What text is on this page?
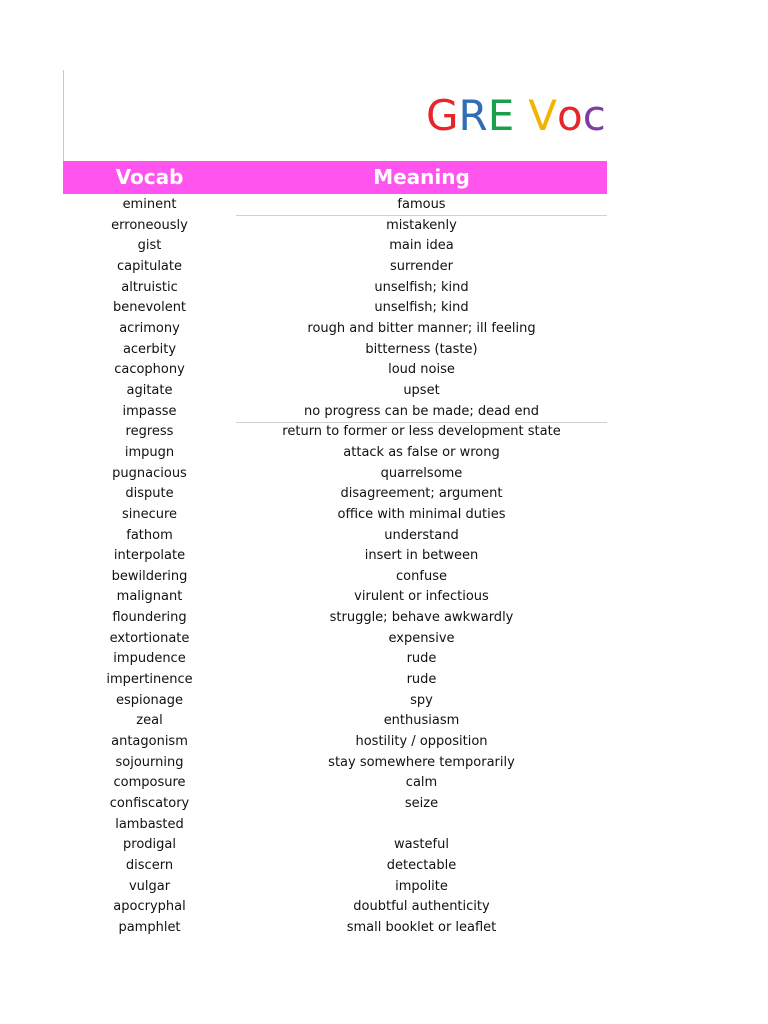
GRE Voc
Vocab	Meaning
eminent	famous
erroneously	mistakenly
gist	main idea
capitulate	surrender
altruistic	unselfish; kind
benevolent	unselfish; kind
acrimony	rough and bitter manner; ill feeling
acerbity	bitterness (taste)
cacophony	loud noise
agitate	upset
impasse	no progress can be made; dead end
regress	return to former or less development state
impugn	attack as false or wrong
pugnacious	quarrelsome
dispute	disagreement; argument
sinecure	office with minimal duties
fathom	understand
interpolate	insert in between
bewildering	confuse
malignant	virulent or infectious
floundering	struggle; behave awkwardly
extortionate	expensive
impudence	rude
impertinence	rude
espionage	spy
zeal	enthusiasm
antagonism	hostility / opposition
sojourning	stay somewhere temporarily
composure	calm
confiscatory	seize
lambasted
prodigal	wasteful
discern	detectable
vulgar	impolite
apocryphal	doubtful authenticity
pamphlet	small booklet or leaflet
